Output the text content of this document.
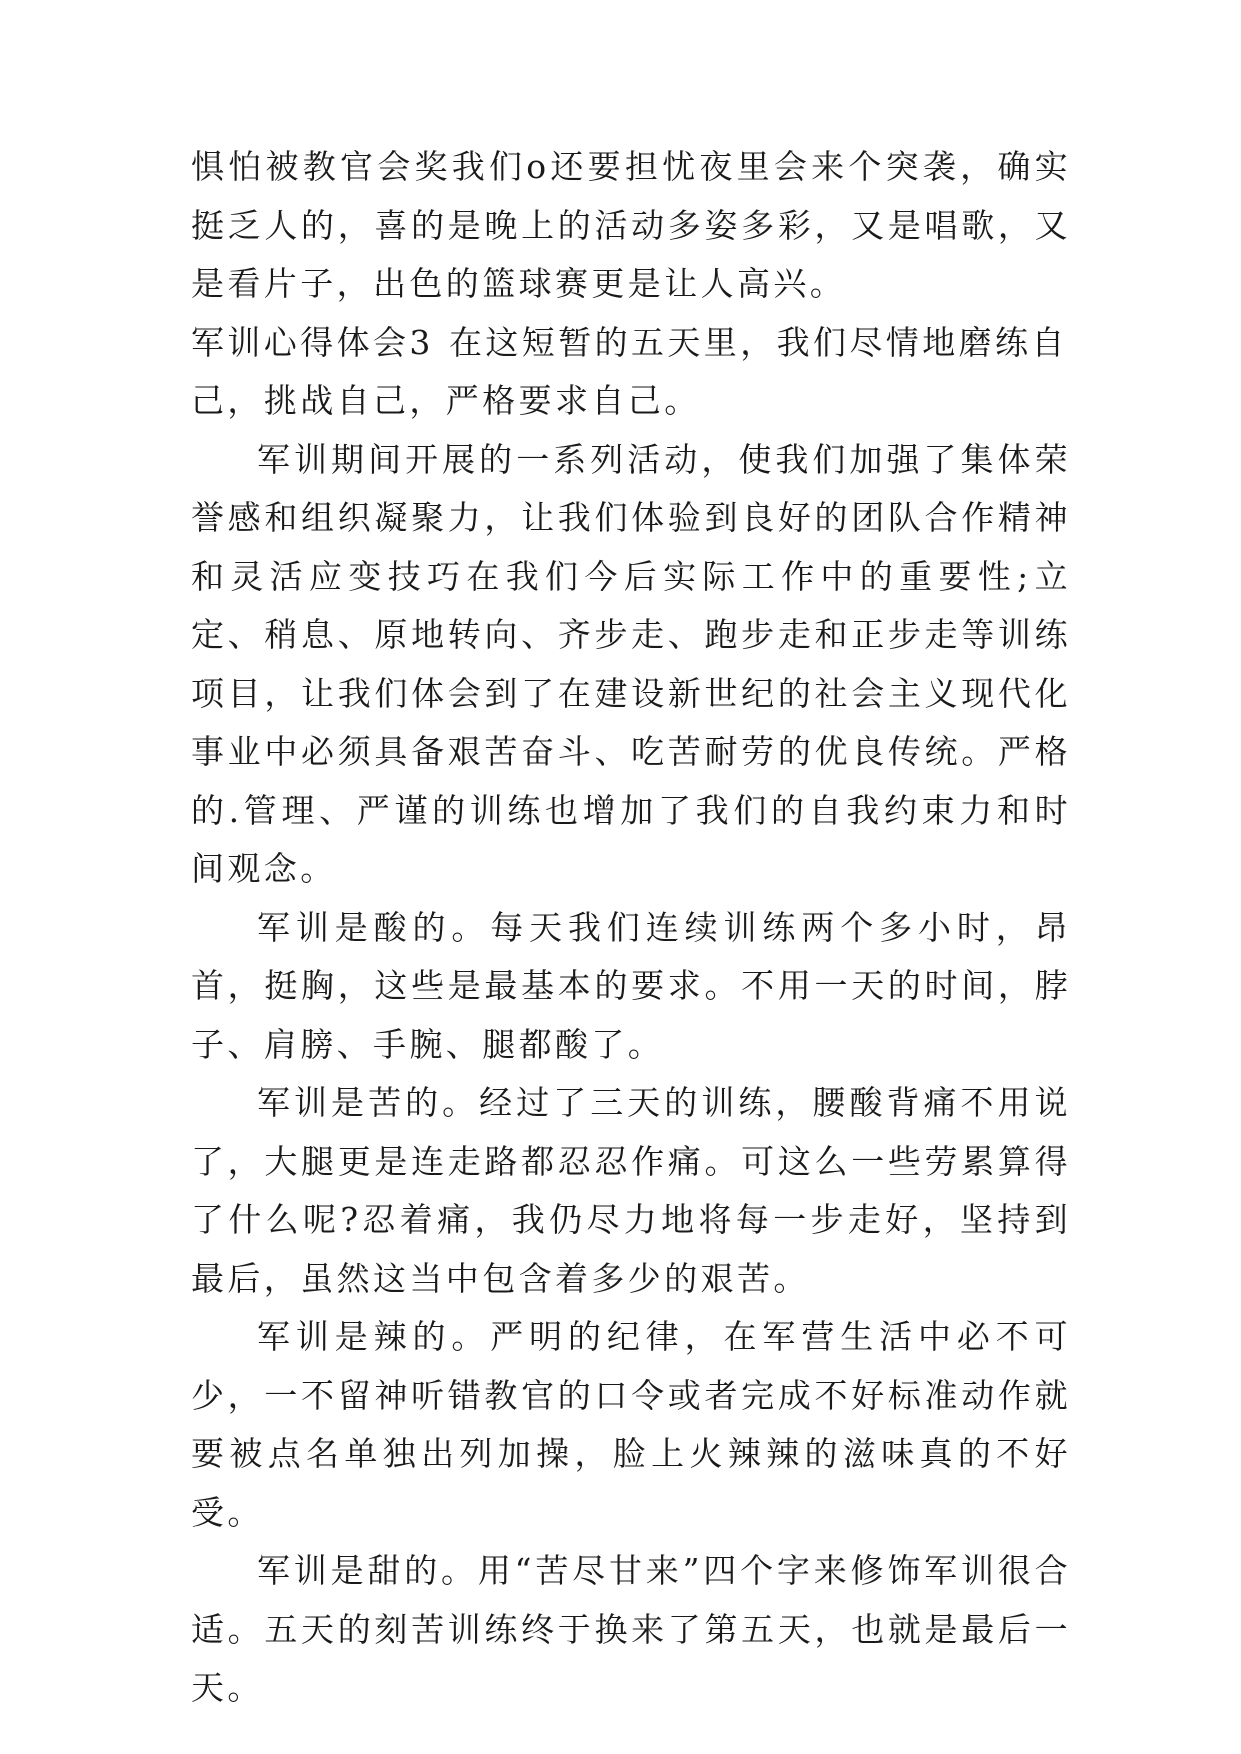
惧怕被教官会奖我们ο还要担忧夜里会来个突袭，确实挺乏人的，喜的是晚上的活动多姿多彩，又是唱歌，又是看片子，出色的篮球赛更是让人高兴。

军训心得体会3 在这短暂的五天里，我们尽情地磨练自己，挑战自己，严格要求自己。

军训期间开展的一系列活动，使我们加强了集体荣誉感和组织凝聚力，让我们体验到良好的团队合作精神和灵活应变技巧在我们今后实际工作中的重要性;立定、稍息、原地转向、齐步走、跑步走和正步走等训练项目，让我们体会到了在建设新世纪的社会主义现代化事业中必须具备艰苦奋斗、吃苦耐劳的优良传统。严格的.管理、严谨的训练也增加了我们的自我约束力和时间观念。

军训是酸的。每天我们连续训练两个多小时，昂首，挺胸，这些是最基本的要求。不用一天的时间，脖子、肩膀、手腕、腿都酸了。

军训是苦的。经过了三天的训练，腰酸背痛不用说了，大腿更是连走路都忍忍作痛。可这么一些劳累算得了什么呢?忍着痛，我仍尽力地将每一步走好，坚持到最后，虽然这当中包含着多少的艰苦。

军训是辣的。严明的纪律，在军营生活中必不可少，一不留神听错教官的口令或者完成不好标准动作就要被点名单独出列加操，脸上火辣辣的滋味真的不好受。

军训是甜的。用“苦尽甘来”四个字来修饰军训很合适。五天的刻苦训练终于换来了第五天，也就是最后一天。
